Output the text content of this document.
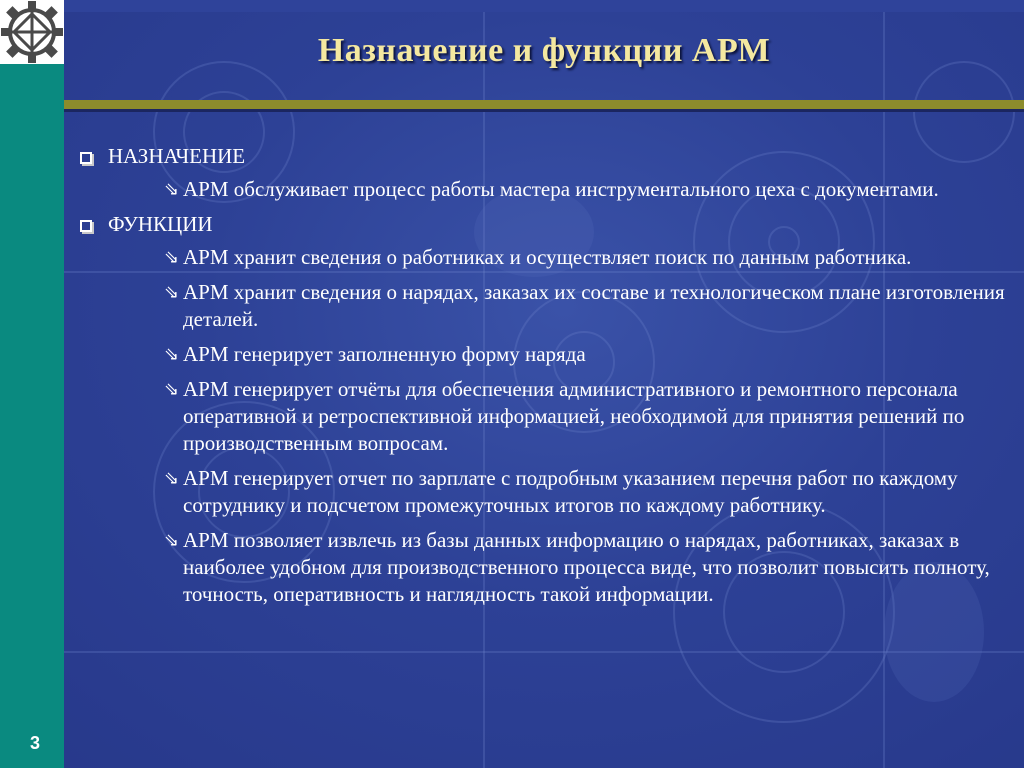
Назначение и функции АРМ
НАЗНАЧЕНИЕ
⇘ АРМ обслуживает процесс работы мастера инструментального цеха с документами.
ФУНКЦИИ
⇘ АРМ хранит сведения о работниках и осуществляет поиск по данным работника.
⇘ АРМ хранит сведения о нарядах, заказах их составе и технологическом плане изготовления деталей.
⇘ АРМ генерирует заполненную форму наряда
⇘ АРМ генерирует отчёты для обеспечения административного и ремонтного персонала оперативной и ретроспективной информацией, необходимой для принятия решений по производственным вопросам.
⇘ АРМ генерирует отчет по зарплате с подробным указанием перечня работ по каждому сотруднику и подсчетом промежуточных итогов по каждому работнику.
⇘ АРМ позволяет извлечь из базы данных информацию о нарядах, работниках, заказах в наиболее удобном для производственного процесса виде, что позволит повысить полноту, точность, оперативность и наглядность такой информации.
3
